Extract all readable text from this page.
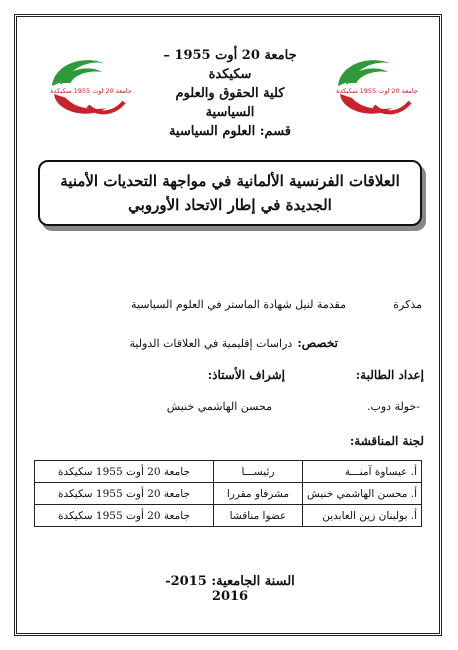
جامعة 20 اوت 1955 سكيكدة	جامعة 20 اوت 1955 سكيكدة
جامعة 20 أوت 1955 – سكيكدة
كلية الحقوق والعلوم السياسية
قسم: العلوم السياسية
العلاقات الفرنسية الألمانية في مواجهة التحديات الأمنية
الجديدة في إطار الاتحاد الأوروبي
مذكرة
مقدمة لنيل شهادة الماستر في العلوم السياسية
تخصص: دراسات إقليمية في العلاقات الدولية
إعداد الطالبة:
إشراف الأستاذ:
-خولة دوب.
محسن الهاشمي خنيش
لجنة المناقشة:
أ. عيساوة آمنـــة	رئيســـا	جامعة 20 أوت 1955 سكيكدة
أ. محسن الهاشمي خنيش	مشرفاو مقررا	جامعة 20 أوت 1955 سكيكدة
أ. بولبنان زين العابدين	عضوا مناقشا	جامعة 20 أوت 1955 سكيكدة
السنة الجامعية: 2015-2016
